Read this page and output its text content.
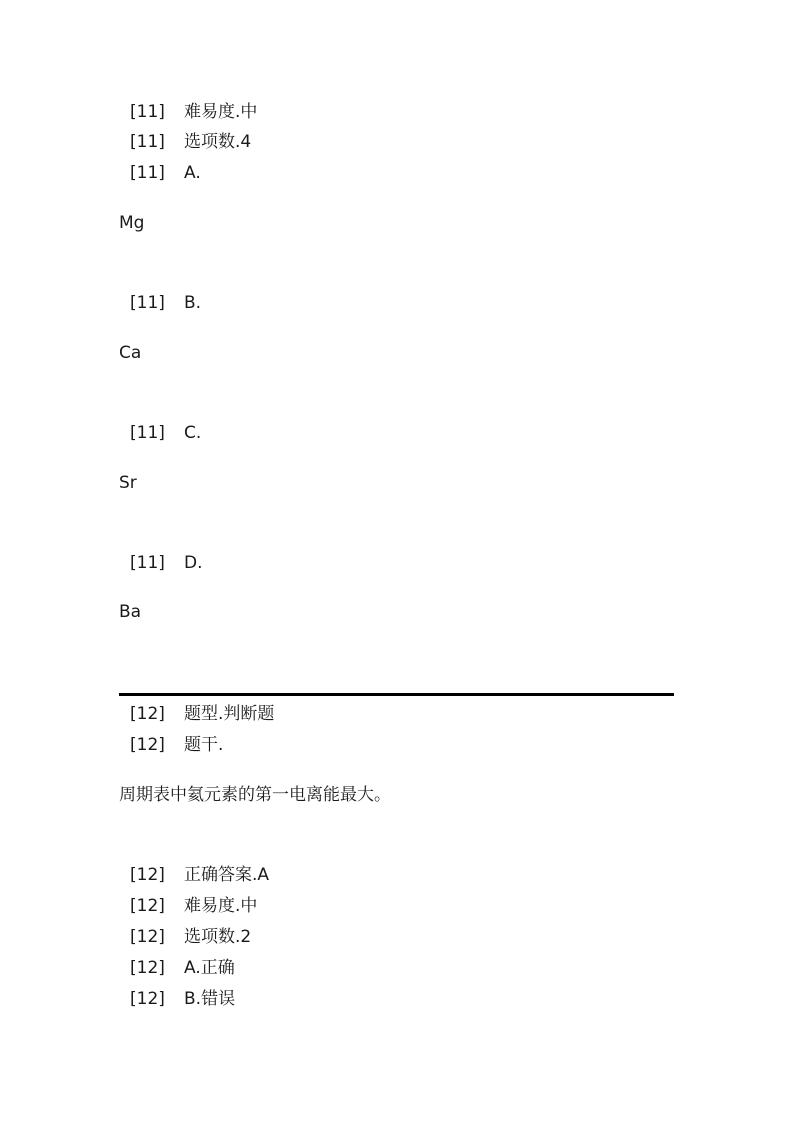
[11] 难易度.中
[11] 选项数.4
[11] A.
Mg
[11] B.
Ca
[11] C.
Sr
[11] D.
Ba
[12] 题型.判断题
[12] 题干.
周期表中氦元素的第一电离能最大。
[12] 正确答案.A
[12] 难易度.中
[12] 选项数.2
[12] A.正确
[12] B.错误
